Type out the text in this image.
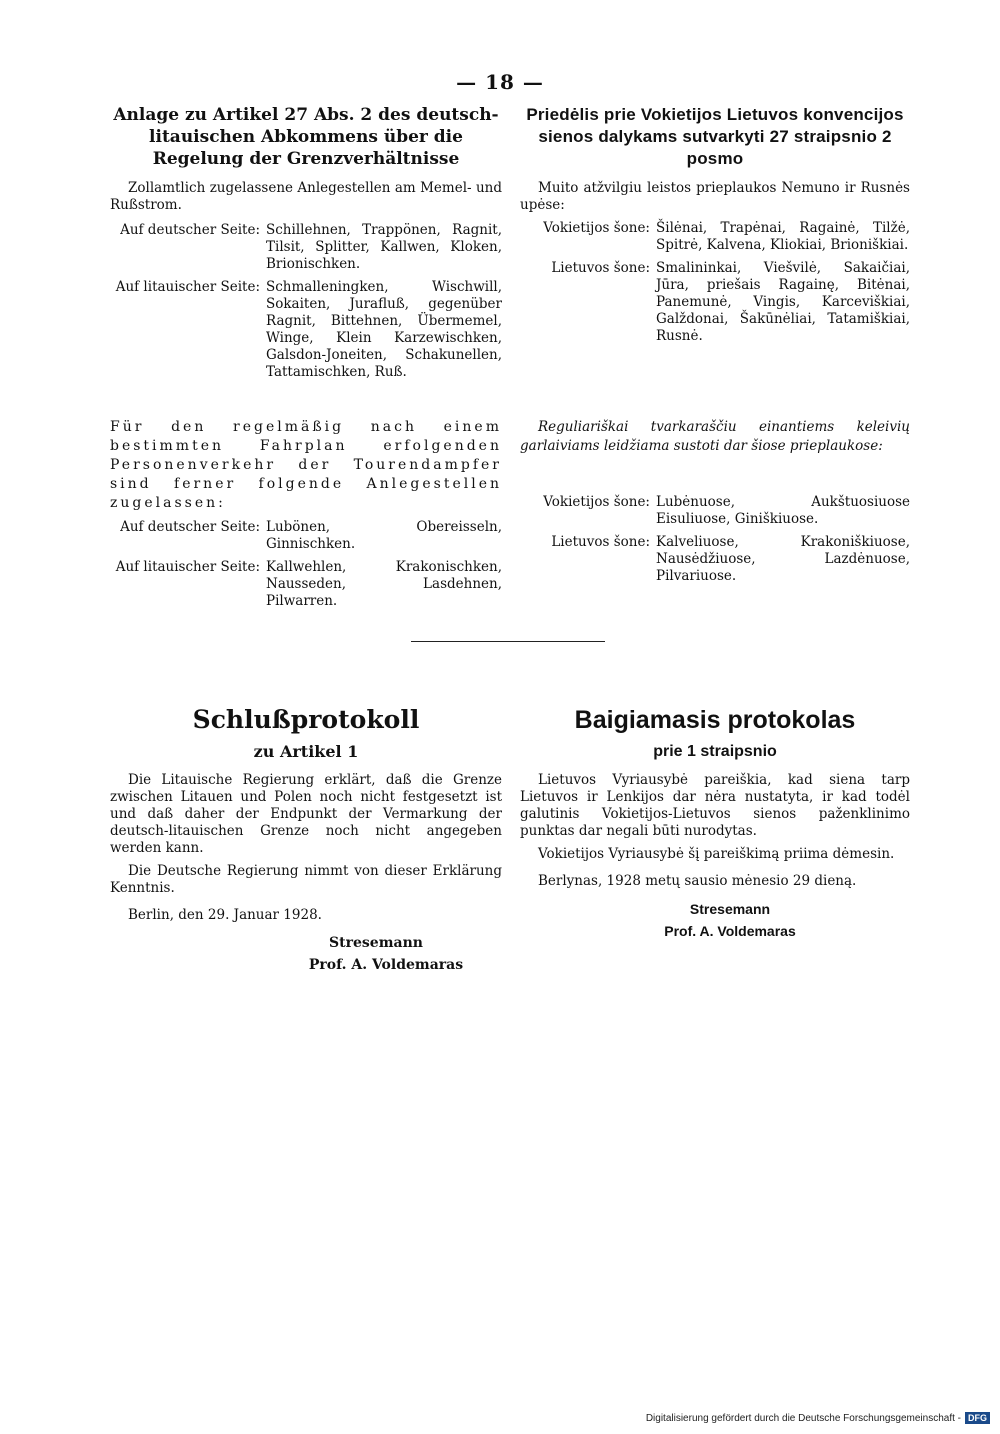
— 18 —
Anlage zu Artikel 27 Abs. 2 des deutsch-litauischen Abkommens über die Regelung der Grenzverhältnisse
Zollamtlich zugelassene Anlegestellen am Memel- und Rußstrom.
Auf deutscher Seite: Schillehnen, Trappönen, Ragnit, Tilsit, Splitter, Kallwen, Kloken, Brionischken.
Auf litauischer Seite: Schmalleningken, Wischwill, Sokaiten, Jurafluß, gegenüber Ragnit, Bittehnen, Übermemel, Winge, Klein Karzewischken, Galsdon-Joneiten, Schakunellen, Tattamischken, Ruß.
Für den regelmäßig nach einem bestimmten Fahrplan erfolgenden Personenverkehr der Tourendampfer sind ferner folgende Anlegestellen zugelassen:
Auf deutscher Seite: Lubönen, Obereisseln, Ginnischken.
Auf litauischer Seite: Kallwehlen, Krakonischken, Nausseden, Lasdehnen, Pilwarren.
Priedėlis prie Vokietijos Lietuvos konvencijos sienos dalykams sutvarkyti 27 straipsnio 2 posmo
Muito atžvilgiu leistos prieplaukos Nemuno ir Rusnės upėse:
Vokietijos šone: Šilėnai, Trapėnai, Ragainė, Tilžė, Spitrė, Kalvena, Kliokiai, Brioniškiai.
Lietuvos šone: Smalininkai, Viešvilė, Sakaičiai, Jūra, priešais Ragainę, Bitėnai, Panemunė, Vingis, Karceviškiai, Galždonai, Šakūnėliai, Tatamiškiai, Rusnė.
Reguliariškai tvarkaraščiu einantiems keleivių garlaiviams leidžiama sustoti dar šiose prieplaukose:
Vokietijos šone: Lubėnuose, Aukštuosiuose Eisuliuose, Giniškiuose.
Lietuvos šone: Kalveliuose, Krakoniškiuose, Nausėdžiuose, Lazdėnuose, Pilvariuose.
Schlußprotokoll
zu Artikel 1
Die Litauische Regierung erklärt, daß die Grenze zwischen Litauen und Polen noch nicht festgesetzt ist und daß daher der Endpunkt der Vermarkung der deutsch-litauischen Grenze noch nicht angegeben werden kann.
Die Deutsche Regierung nimmt von dieser Erklärung Kenntnis.
Berlin, den 29. Januar 1928.
Stresemann
Prof. A. Voldemaras
Baigiamasis protokolas
prie 1 straipsnio
Lietuvos Vyriausybė pareiškia, kad siena tarp Lietuvos ir Lenkijos dar nėra nustatyta, ir kad todėl galutinis Vokietijos-Lietuvos sienos paženklinimo punktas dar negali būti nurodytas.
Vokietijos Vyriausybė šį pareiškimą priima dėmesin.
Berlynas, 1928 metų sausio mėnesio 29 dieną.
Stresemann
Prof. A. Voldemaras
Digitalisierung gefördert durch die Deutsche Forschungsgemeinschaft - DFG
